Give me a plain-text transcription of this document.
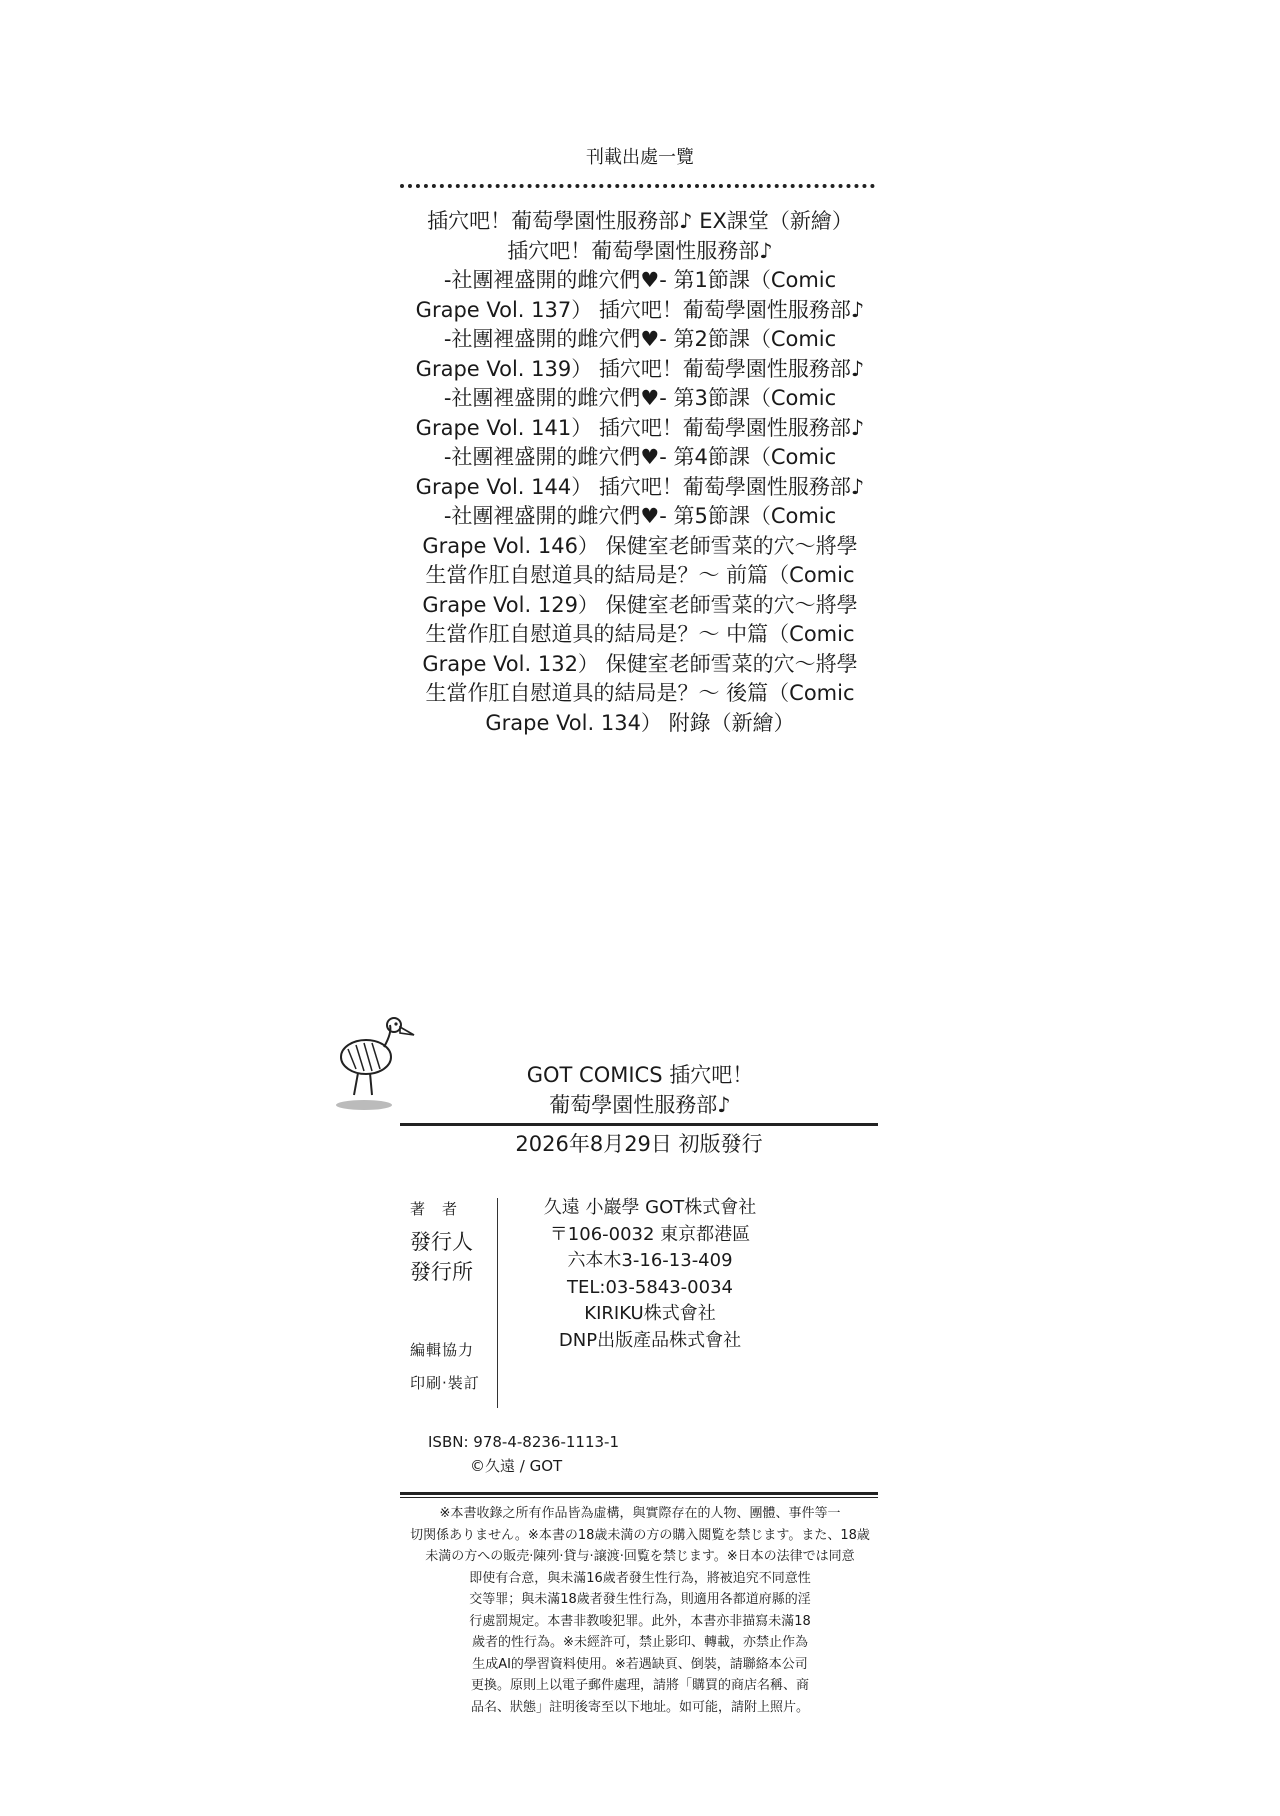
刊載出處一覽
插穴吧！葡萄學園性服務部♪ EX課堂（新繪）
插穴吧！葡萄學園性服務部♪
-社團裡盛開的雌穴們♥- 第1節課（Comic
Grape Vol. 137） 插穴吧！葡萄學園性服務部♪
-社團裡盛開的雌穴們♥- 第2節課（Comic
Grape Vol. 139） 插穴吧！葡萄學園性服務部♪
-社團裡盛開的雌穴們♥- 第3節課（Comic
Grape Vol. 141） 插穴吧！葡萄學園性服務部♪
-社團裡盛開的雌穴們♥- 第4節課（Comic
Grape Vol. 144） 插穴吧！葡萄學園性服務部♪
-社團裡盛開的雌穴們♥- 第5節課（Comic
Grape Vol. 146） 保健室老師雪菜的穴〜將學
生當作肛自慰道具的結局是？〜 前篇（Comic
Grape Vol. 129） 保健室老師雪菜的穴〜將學
生當作肛自慰道具的結局是？〜 中篇（Comic
Grape Vol. 132） 保健室老師雪菜的穴〜將學
生當作肛自慰道具的結局是？〜 後篇（Comic
Grape Vol. 134） 附錄（新繪）
GOT COMICS 插穴吧！
葡萄學園性服務部♪
2026年8月29日 初版發行
著　者
發行人
發行所
編輯協力
印刷·裝訂
久遠 小巖學 GOT株式會社
〒106-0032 東京都港區
六本木3-16-13-409
TEL:03-5843-0034
KIRIKU株式會社
DNP出版產品株式會社
ISBN: 978-4-8236-1113-1
©久遠 / GOT
※本書收錄之所有作品皆為虛構，與實際存在的人物、團體、事件等一
切関係ありません。※本書の18歳未満の方の購入閲覧を禁じます。また、18歳
未満の方への販売·陳列·貸与·譲渡·回覧を禁じます。※日本の法律では同意
即使有合意，與未滿16歲者發生性行為，將被追究不同意性
交等罪；與未滿18歲者發生性行為，則適用各都道府縣的淫
行處罰規定。本書非教唆犯罪。此外，本書亦非描寫未滿18
歲者的性行為。※未經許可，禁止影印、轉載，亦禁止作為
生成AI的學習資料使用。※若遇缺頁、倒裝，請聯絡本公司
更換。原則上以電子郵件處理，請將「購買的商店名稱、商
品名、狀態」註明後寄至以下地址。如可能，請附上照片。
